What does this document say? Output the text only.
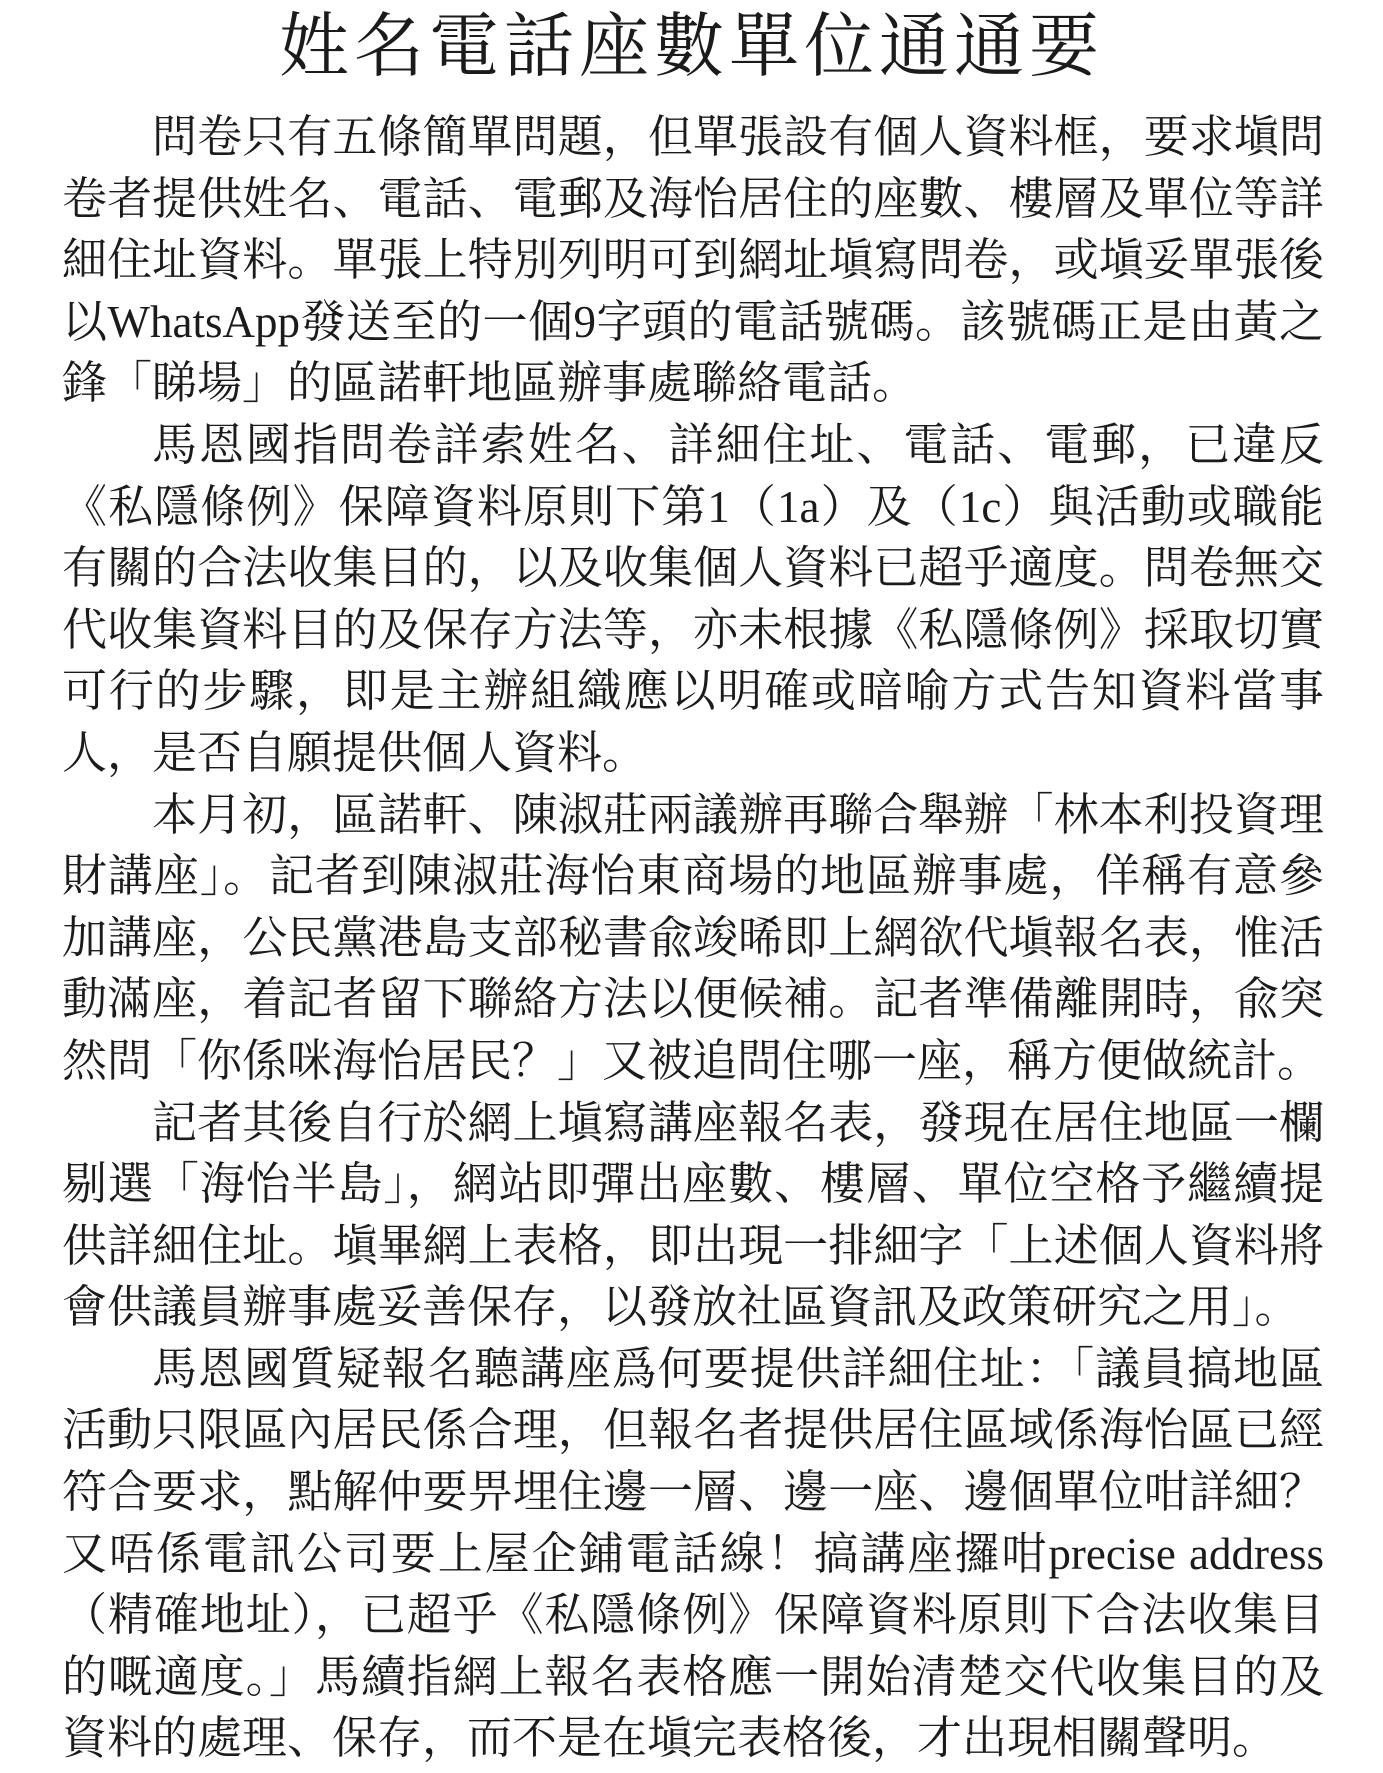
姓名電話座數單位通通要

問卷只有五條簡單問題，但單張設有個人資料框，要求塡問卷者提供姓名、電話、電郵及海怡居住的座數、樓層及單位等詳細住址資料。單張上特別列明可到網址塡寫問卷，或塡妥單張後以WhatsApp發送至的一個9字頭的電話號碼。該號碼正是由黃之鋒「睇場」的區諾軒地區辦事處聯絡電話。

馬恩國指問卷詳索姓名、詳細住址、電話、電郵，已違反《私隱條例》保障資料原則下第1（1a）及（1c）與活動或職能有關的合法收集目的，以及收集個人資料已超乎適度。問卷無交代收集資料目的及保存方法等，亦未根據《私隱條例》採取切實可行的步驟，即是主辦組織應以明確或暗喻方式告知資料當事人，是否自願提供個人資料。

本月初，區諾軒、陳淑莊兩議辦再聯合舉辦「林本利投資理財講座」。記者到陳淑莊海怡東商場的地區辦事處，佯稱有意參加講座，公民黨港島支部秘書兪竣晞即上網欲代塡報名表，惟活動滿座，着記者留下聯絡方法以便候補。記者準備離開時，兪突然問「你係咪海怡居民？」又被追問住哪一座，稱方便做統計。

記者其後自行於網上塡寫講座報名表，發現在居住地區一欄剔選「海怡半島」，網站即彈出座數、樓層、單位空格予繼續提供詳細住址。塡畢網上表格，即出現一排細字「上述個人資料將會供議員辦事處妥善保存，以發放社區資訊及政策研究之用」。

馬恩國質疑報名聽講座爲何要提供詳細住址：「議員搞地區活動只限區內居民係合理，但報名者提供居住區域係海怡區已經符合要求，點解仲要畀埋住邊一層、邊一座、邊個單位咁詳細？又唔係電訊公司要上屋企鋪電話線！搞講座攞咁precise address（精確地址），已超乎《私隱條例》保障資料原則下合法收集目的嘅適度。」馬續指網上報名表格應一開始清楚交代收集目的及資料的處理、保存，而不是在塡完表格後，才出現相關聲明。
